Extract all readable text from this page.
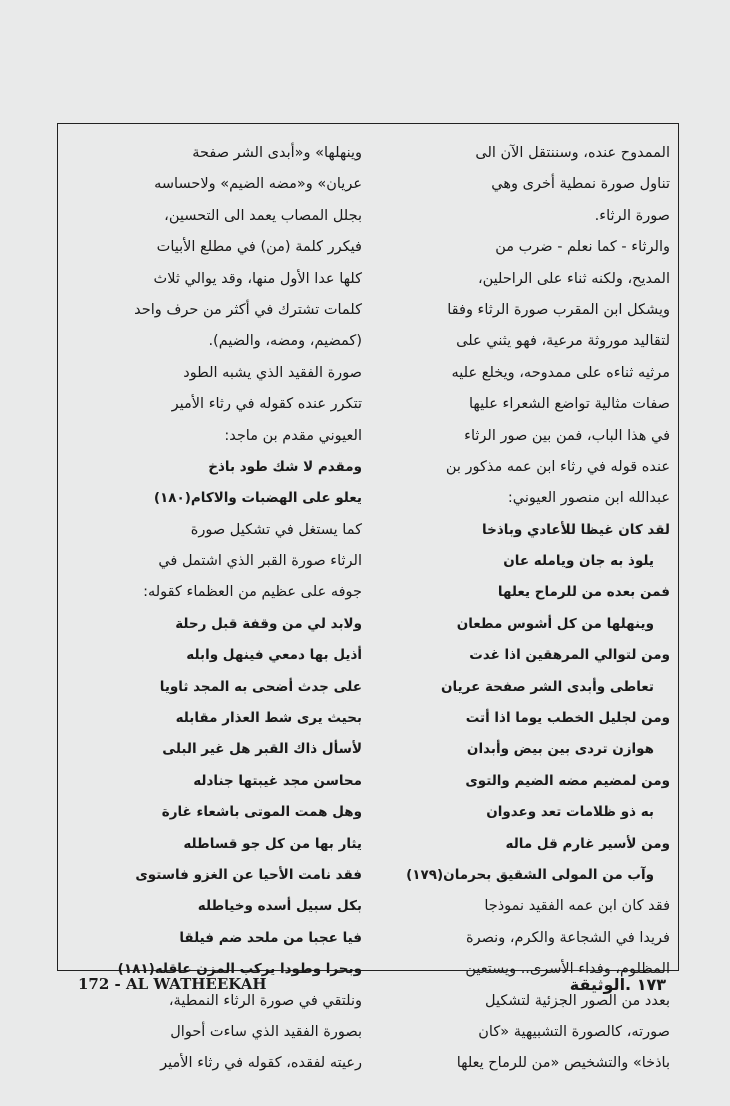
الممدوح عنده، وسننتقل الآن الى
تناول صورة نمطية أخرى وهي
صورة الرثاء.
والرثاء - كما نعلم - ضرب من
المديح، ولكنه ثناء على الراحلين،
ويشكل ابن المقرب صورة الرثاء وفقا
لتقاليد موروثة مرعية، فهو يثني على
مرثيه ثناءه على ممدوحه، ويخلع عليه
صفات مثالية تواضع الشعراء عليها
في هذا الباب، فمن بين صور الرثاء
عنده قوله في رثاء ابن عمه مذكور بن
عبدالله ابن منصور العيوني:
لقد كان غيظا للأعادي وباذخا
يلوذ به جان ويامله عان
فمن بعده من للرماح يعلها
وينهلها من كل أشوس مطعان
ومن لتوالي المرهقين اذا غدت
تعاطى وأبدى الشر صفحة عريان
ومن لجليل الخطب يوما اذا أتت
هوازن تردى بين بيض وأبدان
ومن لمضيم مضه الضيم والتوى
به ذو ظلامات تعد وعدوان
ومن لأسير غارم قل ماله
وآب من المولى الشقيق بحرمان(١٧٩)
فقد كان ابن عمه الفقيد نموذجا
فريدا في الشجاعة والكرم، ونصرة
المظلوم، وفداء الأسرى.. ويستعين
بعدد من الصور الجزئية لتشكيل
صورته، كالصورة التشبيهية «كان
باذخا» والتشخيص «من للرماح يعلها
وينهلها» و«أبدى الشر صفحة
عريان» و«مضه الضيم» ولاحساسه
بجلل المصاب يعمد الى التحسين،
فيكرر كلمة (من) في مطلع الأبيات
كلها عدا الأول منها، وقد يوالي ثلاث
كلمات تشترك في أكثر من حرف واحد
(كمضيم، ومضه، والضيم).
صورة الفقيد الذي يشبه الطود
تتكرر عنده كقوله في رثاء الأمير
العيوني مقدم بن ماجد:
ومقدم لا شك طود باذخ
يعلو على الهضبات والاكام(١٨٠)
كما يستغل في تشكيل صورة
الرثاء صورة القبر الذي اشتمل في
جوفه على عظيم من العظماء كقوله:
ولابد لي من وقفة قبل رحلة
أذيل بها دمعي فينهل وابله
على جدث أضحى به المجد ثاويا
بحيث يرى شط العذار مقابله
لأسأل ذاك القبر هل غير البلى
محاسن مجد غيبتها جنادله
وهل همت الموتى باشعاء غارة
يثار بها من كل جو قساطله
فقد نامت الأحيا عن الغزو فاستوى
بكل سبيل أسده وخياطله
فيا عجبا من ملحد ضم فيلقا
وبحرا وطودا يركب المزن عاقله(١٨١)
ونلتقي في صورة الرثاء النمطية،
بصورة الفقيد الذي ساءت أحوال
رعيته لفقده، كقوله في رثاء الأمير
172 - AL WATHEEKAH	١٧٣ .الوثيقة
